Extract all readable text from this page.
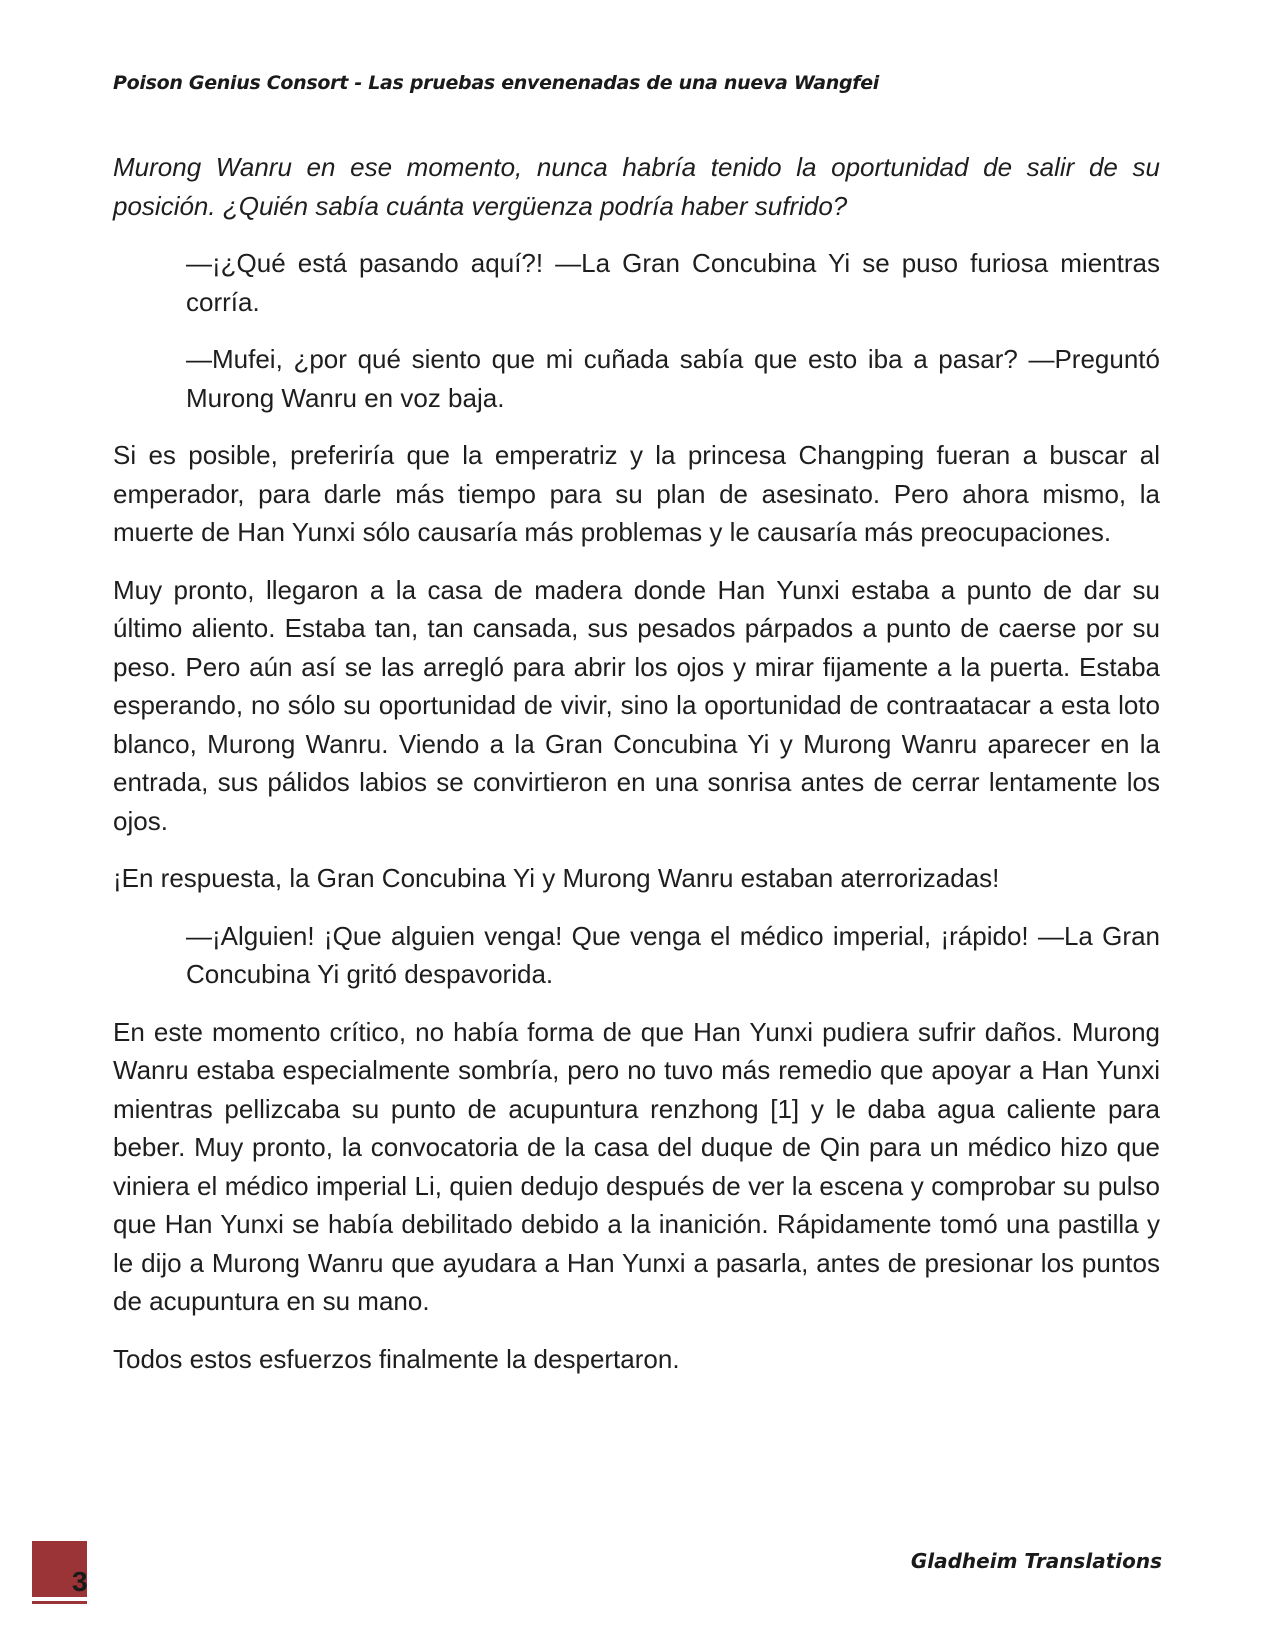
Poison Genius Consort - Las pruebas envenenadas de una nueva Wangfei

Murong Wanru en ese momento, nunca habría tenido la oportunidad de salir de su posición. ¿Quién sabía cuánta vergüenza podría haber sufrido?

—¡¿Qué está pasando aquí?! —La Gran Concubina Yi se puso furiosa mientras corría.

—Mufei, ¿por qué siento que mi cuñada sabía que esto iba a pasar? —Preguntó Murong Wanru en voz baja.

Si es posible, preferiría que la emperatriz y la princesa Changping fueran a buscar al emperador, para darle más tiempo para su plan de asesinato. Pero ahora mismo, la muerte de Han Yunxi sólo causaría más problemas y le causaría más preocupaciones.

Muy pronto, llegaron a la casa de madera donde Han Yunxi estaba a punto de dar su último aliento. Estaba tan, tan cansada, sus pesados párpados a punto de caerse por su peso. Pero aún así se las arregló para abrir los ojos y mirar fijamente a la puerta. Estaba esperando, no sólo su oportunidad de vivir, sino la oportunidad de contraatacar a esta loto blanco, Murong Wanru. Viendo a la Gran Concubina Yi y Murong Wanru aparecer en la entrada, sus pálidos labios se convirtieron en una sonrisa antes de cerrar lentamente los ojos.

¡En respuesta, la Gran Concubina Yi y Murong Wanru estaban aterrorizadas!

—¡Alguien! ¡Que alguien venga! Que venga el médico imperial, ¡rápido! —La Gran Concubina Yi gritó despavorida.

En este momento crítico, no había forma de que Han Yunxi pudiera sufrir daños. Murong Wanru estaba especialmente sombría, pero no tuvo más remedio que apoyar a Han Yunxi mientras pellizcaba su punto de acupuntura renzhong [1] y le daba agua caliente para beber. Muy pronto, la convocatoria de la casa del duque de Qin para un médico hizo que viniera el médico imperial Li, quien dedujo después de ver la escena y comprobar su pulso que Han Yunxi se había debilitado debido a la inanición. Rápidamente tomó una pastilla y le dijo a Murong Wanru que ayudara a Han Yunxi a pasarla, antes de presionar los puntos de acupuntura en su mano.

Todos estos esfuerzos finalmente la despertaron.

3
Gladheim Translations
